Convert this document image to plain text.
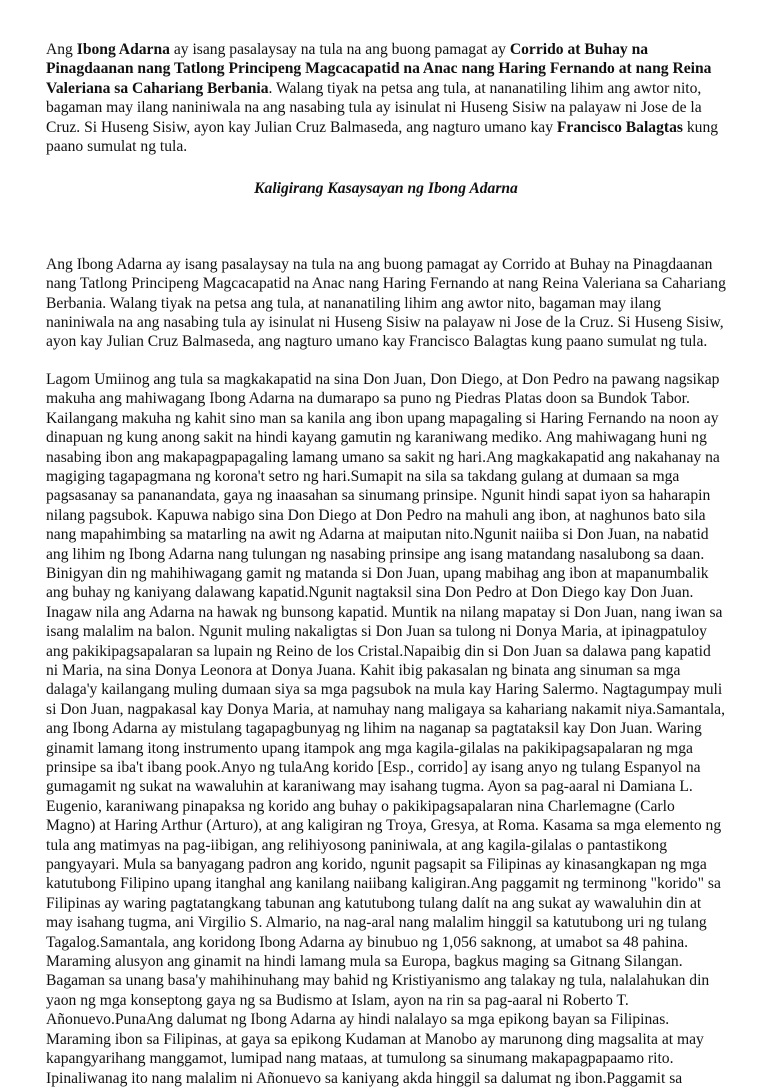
Ang Ibong Adarna ay isang pasalaysay na tula na ang buong pamagat ay Corrido at Buhay na Pinagdaanan nang Tatlong Principeng Magcacapatid na Anac nang Haring Fernando at nang Reina Valeriana sa Cahariang Berbania. Walang tiyak na petsa ang tula, at nananatiling lihim ang awtor nito, bagaman may ilang naniniwala na ang nasabing tula ay isinulat ni Huseng Sisiw na palayaw ni Jose de la Cruz. Si Huseng Sisiw, ayon kay Julian Cruz Balmaseda, ang nagturo umano kay Francisco Balagtas kung paano sumulat ng tula.

Kaligirang Kasaysayan ng Ibong Adarna

Ang Ibong Adarna ay isang pasalaysay na tula na ang buong pamagat ay Corrido at Buhay na Pinagdaanan nang Tatlong Principeng Magcacapatid na Anac nang Haring Fernando at nang Reina Valeriana sa Cahariang Berbania. Walang tiyak na petsa ang tula, at nananatiling lihim ang awtor nito, bagaman may ilang naniniwala na ang nasabing tula ay isinulat ni Huseng Sisiw na palayaw ni Jose de la Cruz. Si Huseng Sisiw, ayon kay Julian Cruz Balmaseda, ang nagturo umano kay Francisco Balagtas kung paano sumulat ng tula.

Lagom Umiinog ang tula sa magkakapatid na sina Don Juan, Don Diego, at Don Pedro na pawang nagsikap makuha ang mahiwagang Ibong Adarna na dumarapo sa puno ng Piedras Platas doon sa Bundok Tabor. Kailangang makuha ng kahit sino man sa kanila ang ibon upang mapagaling si Haring Fernando na noon ay dinapuan ng kung anong sakit na hindi kayang gamutin ng karaniwang mediko. Ang mahiwagang huni ng nasabing ibon ang makapagpapagaling lamang umano sa sakit ng hari.Ang magkakapatid ang nakahanay na magiging tagapagmana ng korona't setro ng hari.Sumapit na sila sa takdang gulang at dumaan sa mga pagsasanay sa pananandata, gaya ng inaasahan sa sinumang prinsipe. Ngunit hindi sapat iyon sa haharapin nilang pagsubok. Kapuwa nabigo sina Don Diego at Don Pedro na mahuli ang ibon, at naghunos bato sila nang mapahimbing sa matarling na awit ng Adarna at maiputan nito.Ngunit naiiba si Don Juan, na nabatid ang lihim ng Ibong Adarna nang tulungan ng nasabing prinsipe ang isang matandang nasalubong sa daan. Binigyan din ng mahihiwagang gamit ng matanda si Don Juan, upang mabihag ang ibon at mapanumbalik ang buhay ng kaniyang dalawang kapatid.Ngunit nagtaksil sina Don Pedro at Don Diego kay Don Juan. Inagaw nila ang Adarna na hawak ng bunsong kapatid. Muntik na nilang mapatay si Don Juan, nang iwan sa isang malalim na balon. Ngunit muling nakaligtas si Don Juan sa tulong ni Donya Maria, at ipinagpatuloy ang pakikipagsapalaran sa lupain ng Reino de los Cristal.Napaibig din si Don Juan sa dalawa pang kapatid ni Maria, na sina Donya Leonora at Donya Juana. Kahit ibig pakasalan ng binata ang sinuman sa mga dalaga'y kailangang muling dumaan siya sa mga pagsubok na mula kay Haring Salermo. Nagtagumpay muli si Don Juan, nagpakasal kay Donya Maria, at namuhay nang maligaya sa kahariang nakamit niya.Samantala, ang Ibong Adarna ay mistulang tagapagbunyag ng lihim na naganap sa pagtataksil kay Don Juan. Waring ginamit lamang itong instrumento upang itampok ang mga kagila-gilalas na pakikipagsapalaran ng mga prinsipe sa iba't ibang pook.Anyo ng tulaAng korido [Esp., corrido] ay isang anyo ng tulang Espanyol na gumagamit ng sukat na wawaluhin at karaniwang may isahang tugma. Ayon sa pag-aaral ni Damiana L. Eugenio, karaniwang pinapaksa ng korido ang buhay o pakikipagsapalaran nina Charlemagne (Carlo Magno) at Haring Arthur (Arturo), at ang kaligiran ng Troya, Gresya, at Roma. Kasama sa mga elemento ng tula ang matimyas na pag-iibigan, ang relihiyosong paniniwala, at ang kagila-gilalas o pantastikong pangyayari. Mula sa banyagang padron ang korido, ngunit pagsapit sa Filipinas ay kinasangkapan ng mga katutubong Filipino upang itanghal ang kanilang naiibang kaligiran.Ang paggamit ng terminong "korido" sa Filipinas ay waring pagtatangkang tabunan ang katutubong tulang dalít na ang sukat ay wawaluhin din at may isahang tugma, ani Virgilio S. Almario, na nag-aral nang malalim hinggil sa katutubong uri ng tulang Tagalog.Samantala, ang koridong Ibong Adarna ay binubuo ng 1,056 saknong, at umabot sa 48 pahina. Maraming alusyon ang ginamit na hindi lamang mula sa Europa, bagkus maging sa Gitnang Silangan. Bagaman sa unang basa'y mahihinuhang may bahid ng Kristiyanismo ang talakay ng tula, nalalahukan din yaon ng mga konseptong gaya ng sa Budismo at Islam, ayon na rin sa pag-aaral ni Roberto T. Añonuevo.PunaAng dalumat ng Ibong Adarna ay hindi nalalayo sa mga epikong bayan sa Filipinas. Maraming ibon sa Filipinas, at gaya sa epikong Kudaman at Manobo ay marunong ding magsalita at may kapangyarihang manggamot, lumipad nang mataas, at tumulong sa sinumang makapagpapaamo rito. Ipinaliwanag ito nang malalim ni Añonuevo sa kaniyang akda hinggil sa dalumat ng ibon.Paggamit sa
